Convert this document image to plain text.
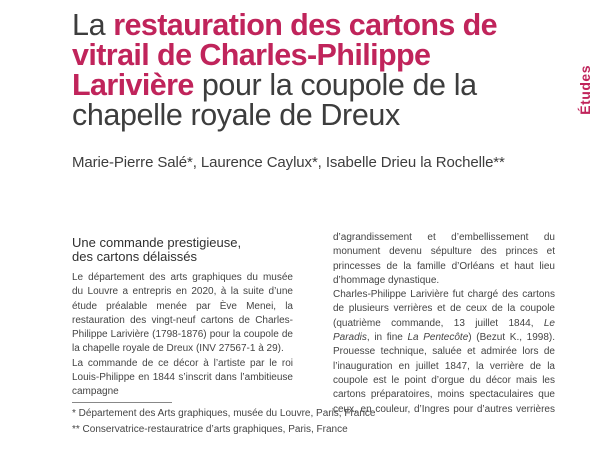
La restauration des cartons de vitrail de Charles-Philippe Larivière pour la coupole de la chapelle royale de Dreux
Marie-Pierre Salé*, Laurence Caylux*, Isabelle Drieu la Rochelle**
Études
Une commande prestigieuse,
des cartons délaissés

Le département des arts graphiques du musée du Louvre a entrepris en 2020, à la suite d’une étude préalable menée par Ève Menei, la restauration des vingt-neuf cartons de Charles-Philippe Larivière (1798-1876) pour la coupole de la chapelle royale de Dreux (INV 27567-1 à 29).

La commande de ce décor à l’artiste par le roi Louis-Philippe en 1844 s’inscrit dans l’ambitieuse campagne

d’agrandissement et d’embellissement du monument devenu sépulture des princes et princesses de la famille d’Orléans et haut lieu d’hommage dynastique.

Charles-Philippe Larivière fut chargé des cartons de plusieurs verrières et de ceux de la coupole (quatrième commande, 13 juillet 1844, Le Paradis, in fine La Pentecôte) (Bezut K., 1998). Prouesse technique, saluée et admirée lors de l’inauguration en juillet 1847, la verrière de la coupole est le point d’orgue du décor mais les cartons préparatoires, moins spectaculaires que ceux, en couleur, d’Ingres pour d’autres verrières

* Département des Arts graphiques, musée du Louvre, Paris, France
** Conservatrice-restauratrice d’arts graphiques, Paris, France
